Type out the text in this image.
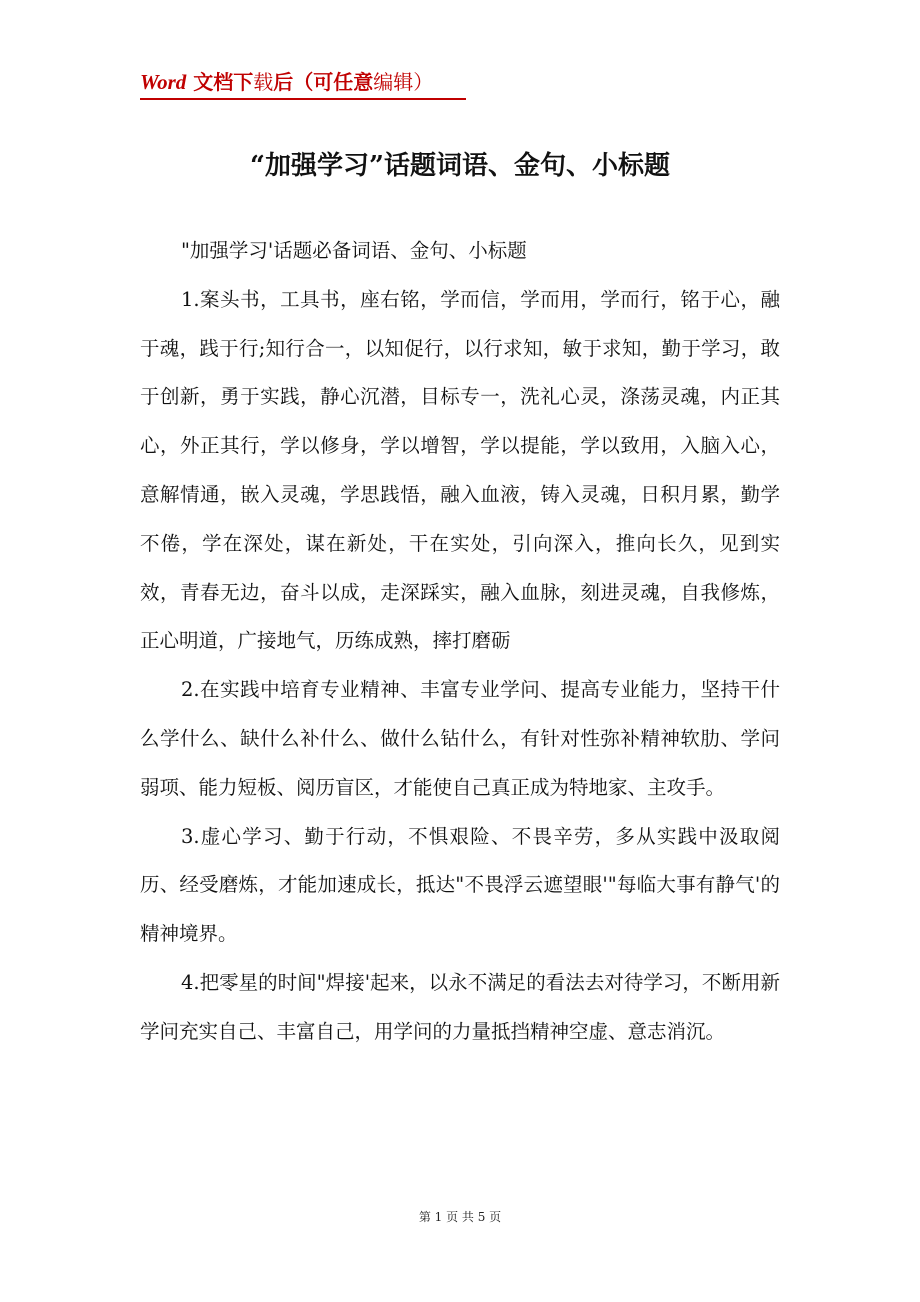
Word 文档下载后（可任意编辑）
“加强学习”话题词语、金句、小标题

"加强学习'话题必备词语、金句、小标题

1.案头书，工具书，座右铭，学而信，学而用，学而行，铭于心，融于魂，践于行;知行合一，以知促行，以行求知，敏于求知，勤于学习，敢于创新，勇于实践，静心沉潜，目标专一，洗礼心灵，涤荡灵魂，内正其心，外正其行，学以修身，学以增智，学以提能，学以致用，入脑入心，意解情通，嵌入灵魂，学思践悟，融入血液，铸入灵魂，日积月累，勤学不倦，学在深处，谋在新处，干在实处，引向深入，推向长久，见到实效，青春无边，奋斗以成，走深踩实，融入血脉，刻进灵魂，自我修炼，正心明道，广接地气，历练成熟，摔打磨砺

2.在实践中培育专业精神、丰富专业学问、提高专业能力，坚持干什么学什么、缺什么补什么、做什么钻什么，有针对性弥补精神软肋、学问弱项、能力短板、阅历盲区，才能使自己真正成为特地家、主攻手。

3.虚心学习、勤于行动，不惧艰险、不畏辛劳，多从实践中汲取阅历、经受磨炼，才能加速成长，抵达"不畏浮云遮望眼'"每临大事有静气'的精神境界。

4.把零星的时间"焊接'起来，以永不满足的看法去对待学习，不断用新学问充实自己、丰富自己，用学问的力量抵挡精神空虚、意志消沉。

第 1 页 共 5 页
